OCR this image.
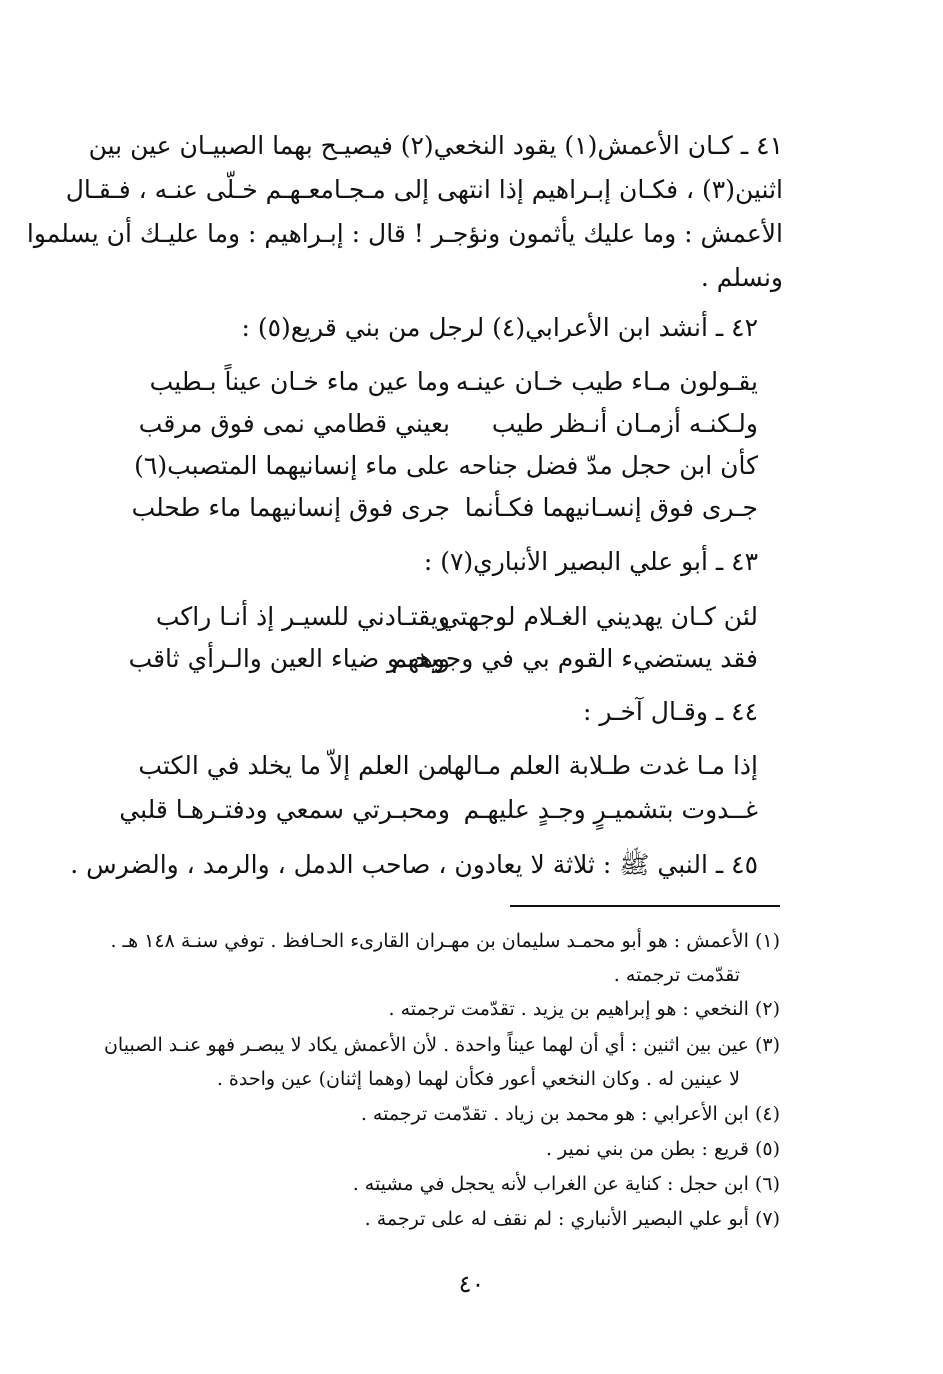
٤١ ـ كـان الأعمش(١) يقود النخعي(٢) فيصيـح بهما الصبيـان عين بين
اثنين(٣) ، فكـان إبـراهيم إذا انتهى إلى مـجـامعـهـم خـلّى عنـه ، فـقـال
الأعمش : وما عليك يأثمون ونؤجـر ! قال : إبـراهيم : وما عليـك أن يسلموا
ونسلم .
٤٢ ـ أنشد ابن الأعرابي(٤) لرجل من بني قريع(٥) :
يقـولون مـاء طيب خـان عينـه
وما عين ماء خـان عيناً بـطيب
ولـكنـه أزمـان أنـظر طيب
بعيني قطامي نمى فوق مرقب
كأن ابن حجل مدّ فضل جناحه
على ماء إنسانيهما المتصبب(٦)
جـرى فوق إنسـانيهما فكـأنما
جرى فوق إنسانيهما ماء طحلب
٤٣ ـ أبو علي البصير الأنباري(٧) :
لئن كـان يهديني الغـلام لوجهتي
ويقتـادني للسيـر إذ أنـا راكب
فقد يستضيء القوم بي في وجوههم
ويخبـو ضياء العين والـرأي ثاقب
٤٤ ـ وقـال آخـر :
إذا مـا غدت طـلابة العلم مـالها
من العلم إلاّ ما يخلد في الكتب
غــدوت بتشميـرٍ وجـدٍ عليهـم
ومحبـرتي سمعي ودفتـرهـا قلبي
٤٥ ـ النبي ﷺ : ثلاثة لا يعادون ، صاحب الدمل ، والرمد ، والضرس .
(١) الأعمش : هو أبو محمـد سليمان بن مهـران القارىء الحـافظ . توفي سنـة ١٤٨ هـ .
تقدّمت ترجمته .
(٢) النخعي : هو إبراهيم بن يزيد . تقدّمت ترجمته .
(٣) عين بين اثنين : أي أن لهما عيناً واحدة . لأن الأعمش يكاد لا يبصـر فهو عنـد الصبيان
لا عينين له . وكان النخعي أعور فكأن لهما (وهما إثنان) عين واحدة .
(٤) ابن الأعرابي : هو محمد بن زياد . تقدّمت ترجمته .
(٥) قريع : بطن من بني نمير .
(٦) ابن حجل : كناية عن الغراب لأنه يحجل في مشيته .
(٧) أبو علي البصير الأنباري : لم نقف له على ترجمة .
٤٠
